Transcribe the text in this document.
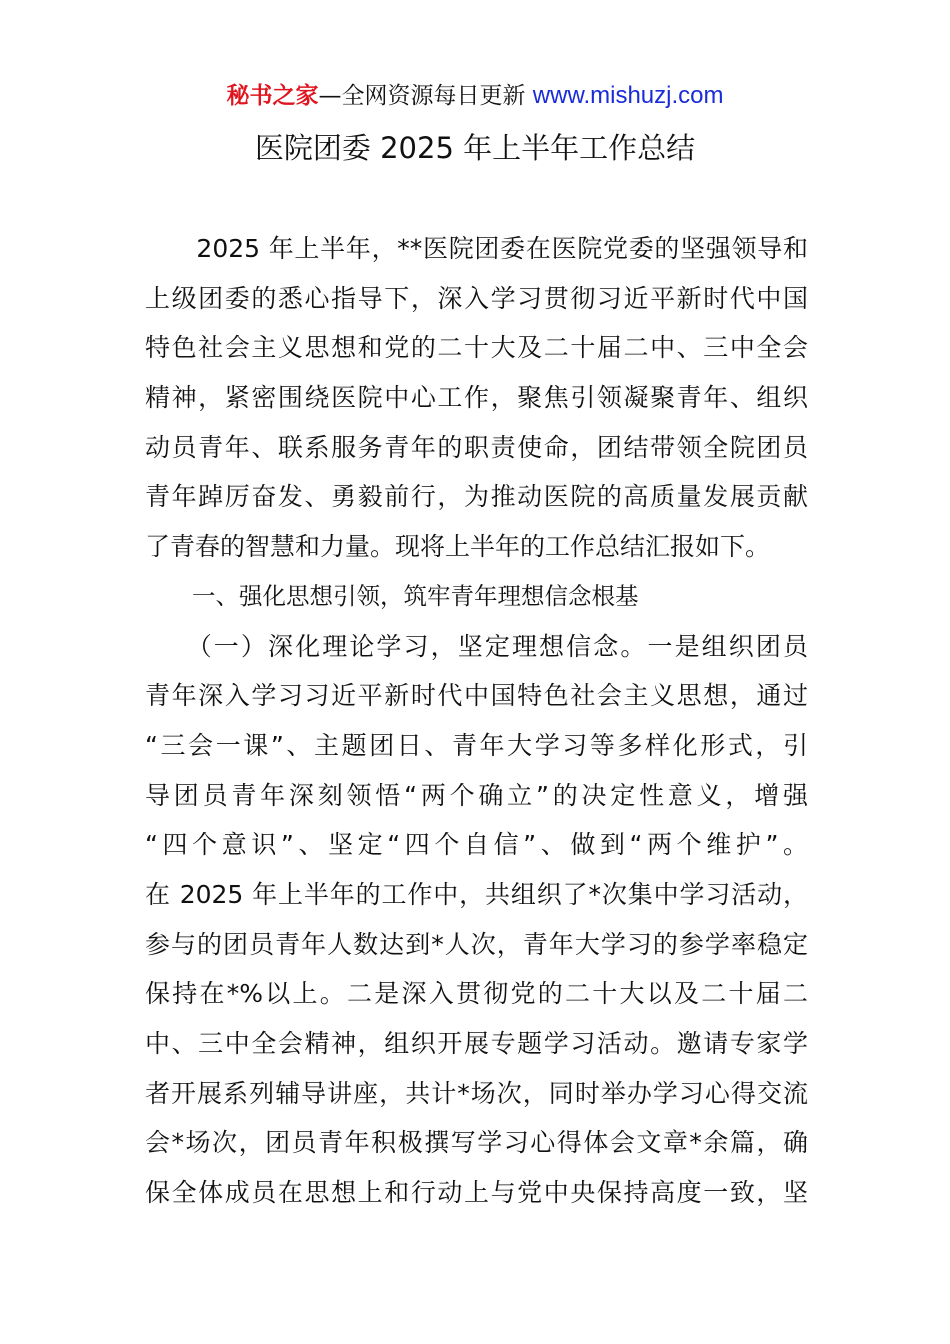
秘书之家—全网资源每日更新 www.mishuzj.com
医院团委 2025 年上半年工作总结
　　2025 年上半年，**医院团委在医院党委的坚强领导和
上级团委的悉心指导下，深入学习贯彻习近平新时代中国
特色社会主义思想和党的二十大及二十届二中、三中全会
精神，紧密围绕医院中心工作，聚焦引领凝聚青年、组织
动员青年、联系服务青年的职责使命，团结带领全院团员
青年踔厉奋发、勇毅前行，为推动医院的高质量发展贡献
了青春的智慧和力量。现将上半年的工作总结汇报如下。
　　一、强化思想引领，筑牢青年理想信念根基
　　（一）深化理论学习，坚定理想信念。一是组织团员
青年深入学习习近平新时代中国特色社会主义思想，通过
“三会一课”、主题团日、青年大学习等多样化形式，引
导团员青年深刻领悟“两个确立”的决定性意义，增强
“四个意识”、坚定“四个自信”、做到“两个维护”。
在 2025 年上半年的工作中，共组织了*次集中学习活动，
参与的团员青年人数达到*人次，青年大学习的参学率稳定
保持在*%以上。二是深入贯彻党的二十大以及二十届二
中、三中全会精神，组织开展专题学习活动。邀请专家学
者开展系列辅导讲座，共计*场次，同时举办学习心得交流
会*场次，团员青年积极撰写学习心得体会文章*余篇，确
保全体成员在思想上和行动上与党中央保持高度一致，坚
